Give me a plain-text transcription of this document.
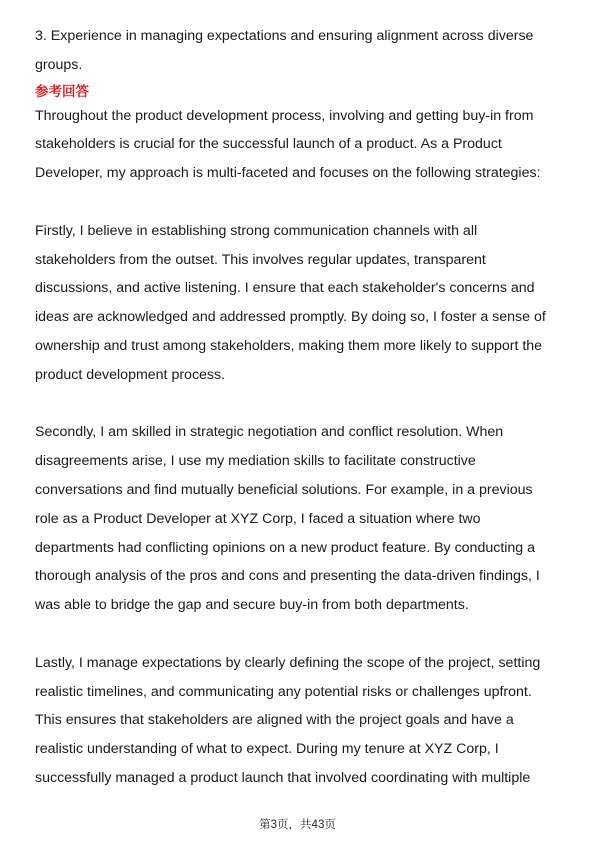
3. Experience in managing expectations and ensuring alignment across diverse

groups.

参考回答

Throughout the product development process, involving and getting buy-in from

stakeholders is crucial for the successful launch of a product. As a Product

Developer, my approach is multi-faceted and focuses on the following strategies:

Firstly, I believe in establishing strong communication channels with all

stakeholders from the outset. This involves regular updates, transparent

discussions, and active listening. I ensure that each stakeholder's concerns and

ideas are acknowledged and addressed promptly. By doing so, I foster a sense of

ownership and trust among stakeholders, making them more likely to support the

product development process.

Secondly, I am skilled in strategic negotiation and conflict resolution. When

disagreements arise, I use my mediation skills to facilitate constructive

conversations and find mutually beneficial solutions. For example, in a previous

role as a Product Developer at XYZ Corp, I faced a situation where two

departments had conflicting opinions on a new product feature. By conducting a

thorough analysis of the pros and cons and presenting the data-driven findings, I

was able to bridge the gap and secure buy-in from both departments.

Lastly, I manage expectations by clearly defining the scope of the project, setting

realistic timelines, and communicating any potential risks or challenges upfront.

This ensures that stakeholders are aligned with the project goals and have a

realistic understanding of what to expect. During my tenure at XYZ Corp, I

successfully managed a product launch that involved coordinating with multiple

第3页，共43页
